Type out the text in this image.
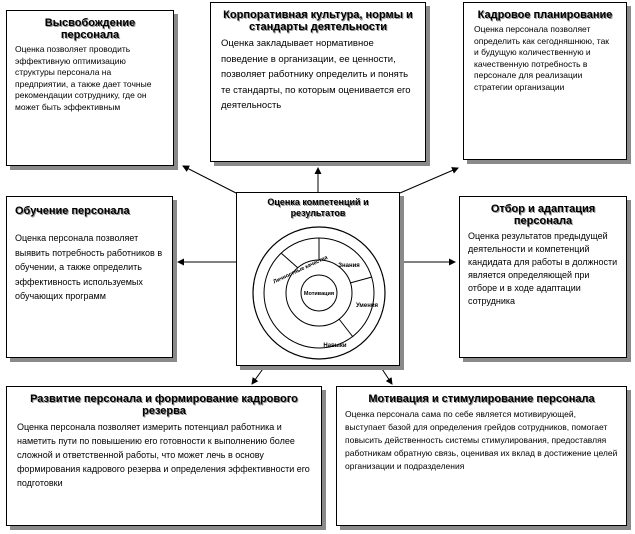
Высвобождение персонала
Оценка позволяет проводить эффективную оптимизацию структуры персонала на предприятии, а также дает точные рекомендации сотруднику, где он может быть эффективным
Корпоративная культура, нормы и стандарты деятельности
Оценка закладывает нормативное поведение в организации, ее ценности, позволяет работнику определить и понять те стандарты, по которым оценивается его деятельность
Кадровое планирование
Оценка персонала позволяет определить как сегодняшнюю, так и будущую количественную и качественную потребность в персонале для реализации стратегии организации
Обучение персонала
Оценка персонала позволяет выявить потребность работников в обучении, а также определить эффективность используемых обучающих программ
Отбор и адаптация персонала
Оценка результатов предыдущей деятельности и компетенций кандидата для работы в должности является определяющей при отборе и в ходе адаптации сотрудника
Развитие персонала и формирование кадрового резерва
Оценка персонала позволяет измерить потенциал работника и наметить пути по повышению его готовности к выполнению более сложной и ответственной работы, что может лечь в основу формирования кадрового резерва и определения эффективности его подготовки
Мотивация и стимулирование персонала
Оценка персонала сама по себе является мотивирующей, выступает базой для определения грейдов сотрудников, помогает повысить действенность системы стимулирования, предоставляя работникам обратную связь, оценивая их вклад в достижение целей организации и подразделения
Оценка компетенций и результатов
Знания
Умения
Навыки
Личностные качества
Мотивация
